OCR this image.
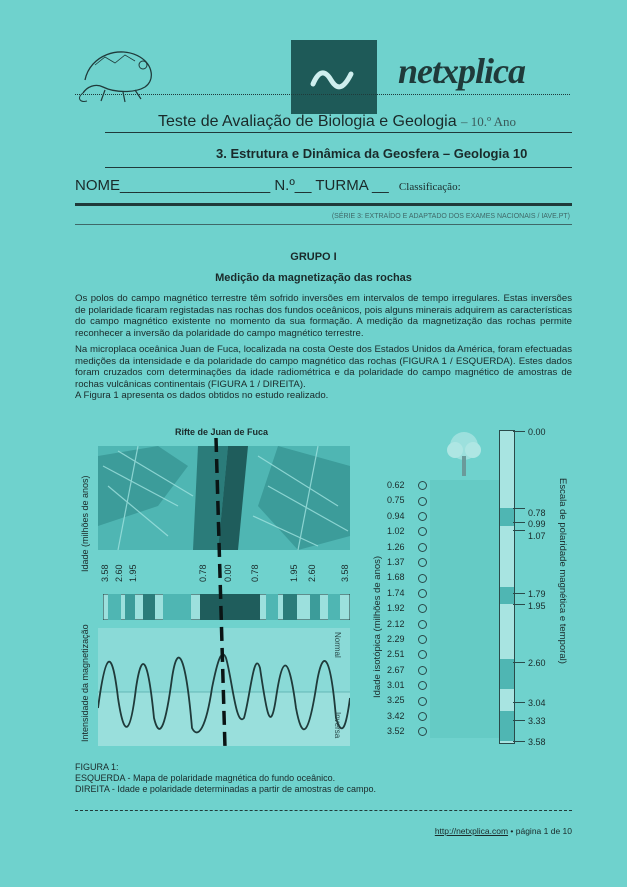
netxplica
Teste de Avaliação de Biologia e Geologia – 10.º Ano
3. Estrutura e Dinâmica da Geosfera – Geologia 10
NOME__________________ N.º__ TURMA __ Classificação:
(SÉRIE 3: EXTRAÍDO E ADAPTADO DOS EXAMES NACIONAIS / IAVE.PT)
GRUPO I
Medição da magnetização das rochas
Os polos do campo magnético terrestre têm sofrido inversões em intervalos de tempo irregulares. Estas inversões de polaridade ficaram registadas nas rochas dos fundos oceânicos, pois alguns minerais adquirem as características do campo magnético existente no momento da sua formação. A medição da magnetização das rochas permite reconhecer a inversão da polaridade do campo magnético terrestre.
Na microplaca oceânica Juan de Fuca, localizada na costa Oeste dos Estados Unidos da América, foram efectuadas medições da intensidade e da polaridade do campo magnético das rochas (FIGURA 1 / ESQUERDA). Estes dados foram cruzados com determinações da idade radiométrica e da polaridade do campo magnético de amostras de rochas vulcânicas continentais (FIGURA 1 / DIREITA).
A Figura 1 apresenta os dados obtidos no estudo realizado.
Rifte de Juan de Fuca
Idade (milhões de anos)
3.58 2.60 1.95	0.78 0.00 0.78	1.95 2.60	3.58
Normal
Inversa
Intensidade da magnetização	Idade isotópica (milhões de anos)
0.62
0.75
0.94
1.02
1.26
1.37
1.68
1.74
1.92
2.12
2.29
2.51
2.67
3.01
3.25
3.42
3.52
0.00
0.78
0.99
1.07
1.79
1.95
2.60
3.04
3.33
3.58
Escala de polaridade magnética e temporal)
FIGURA 1:
ESQUERDA - Mapa de polaridade magnética do fundo oceânico.
DIREITA - Idade e polaridade determinadas a partir de amostras de campo.
http://netxplica.com • página 1 de 10
